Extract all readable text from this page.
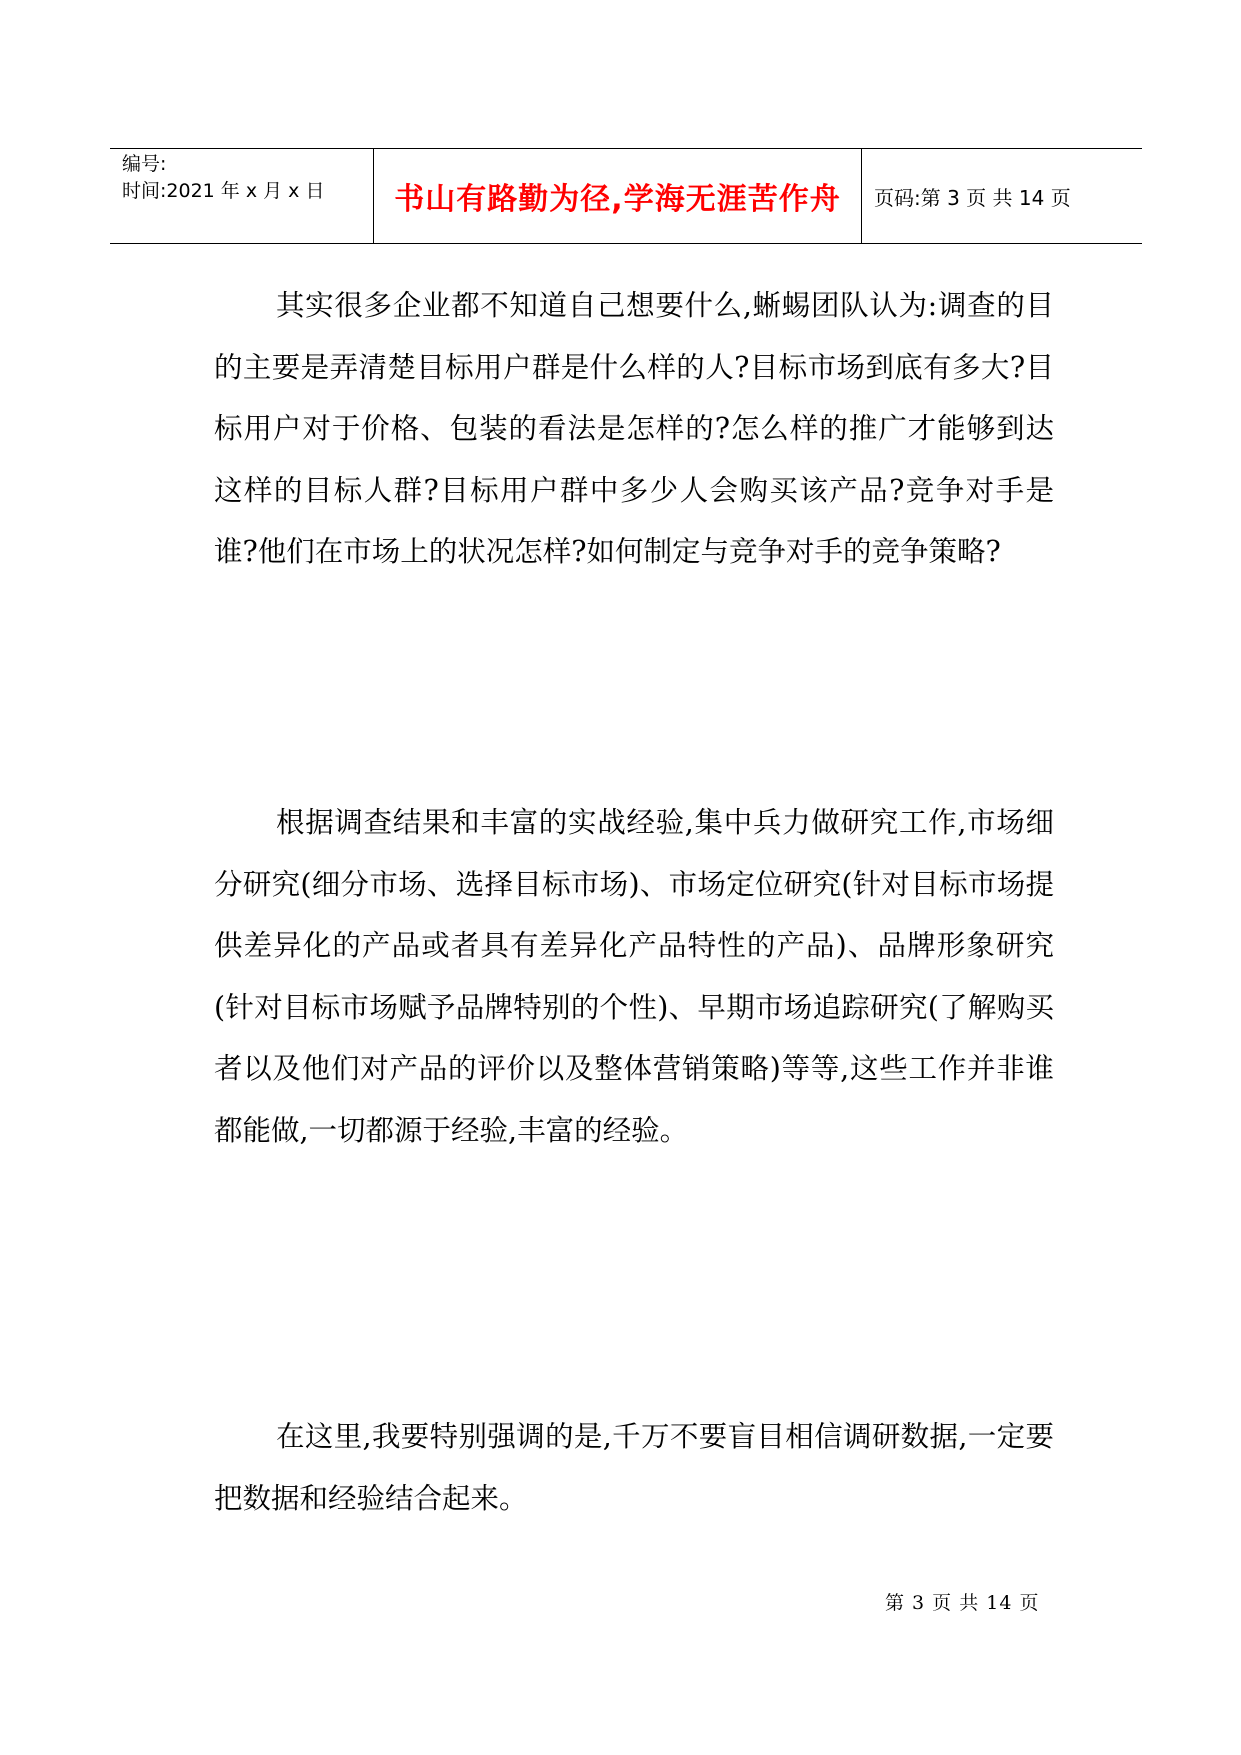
编号:
时间:2021 年 x 月 x 日	书山有路勤为径,学海无涯苦作舟	页码:第 3 页 共 14 页

其实很多企业都不知道自己想要什么,蜥蜴团队认为:调查的目的主要是弄清楚目标用户群是什么样的人?目标市场到底有多大?目标用户对于价格、包装的看法是怎样的?怎么样的推广才能够到达这样的目标人群?目标用户群中多少人会购买该产品?竞争对手是谁?他们在市场上的状况怎样?如何制定与竞争对手的竞争策略?

根据调查结果和丰富的实战经验,集中兵力做研究工作,市场细分研究(细分市场、选择目标市场)、市场定位研究(针对目标市场提供差异化的产品或者具有差异化产品特性的产品)、品牌形象研究(针对目标市场赋予品牌特别的个性)、早期市场追踪研究(了解购买者以及他们对产品的评价以及整体营销策略)等等,这些工作并非谁都能做,一切都源于经验,丰富的经验。

在这里,我要特别强调的是,千万不要盲目相信调研数据,一定要把数据和经验结合起来。

第 3 页 共 14 页
